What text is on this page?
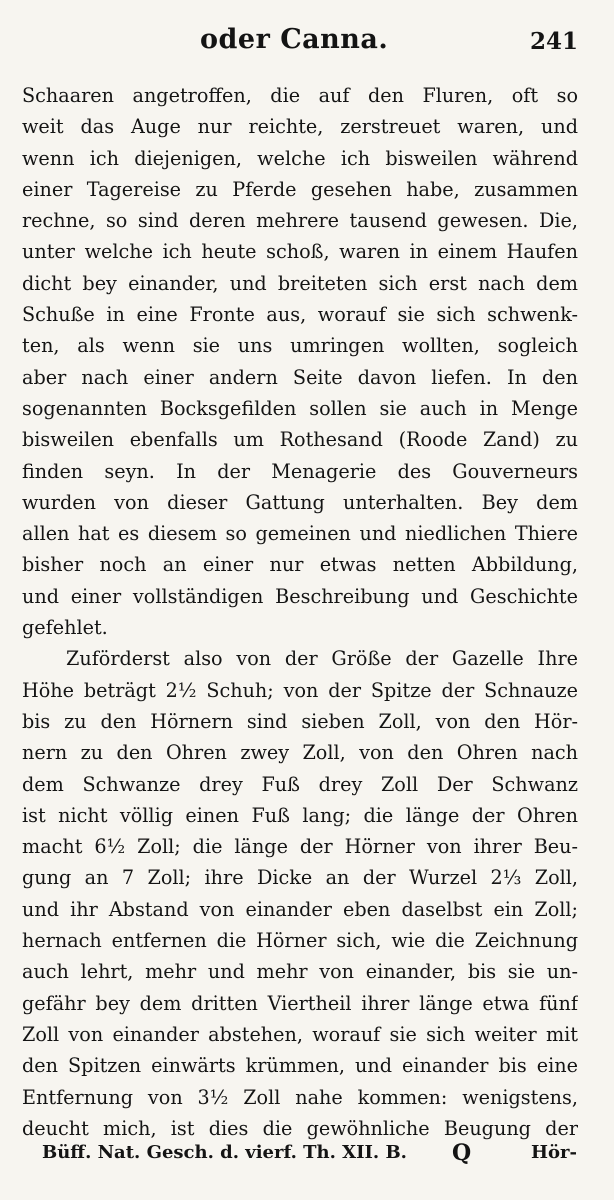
oder Canna.	241
Schaaren angetroffen, die auf den Fluren, oft so
weit das Auge nur reichte, zerstreuet waren, und
wenn ich diejenigen, welche ich bisweilen während
einer Tagereise zu Pferde gesehen habe, zusammen
rechne, so sind deren mehrere tausend gewesen. Die,
unter welche ich heute schoß, waren in einem Haufen
dicht bey einander, und breiteten sich erst nach dem
Schuße in eine Fronte aus, worauf sie sich schwenk-
ten, als wenn sie uns umringen wollten, sogleich
aber nach einer andern Seite davon liefen. In den
sogenannten Bocksgefilden sollen sie auch in Menge
bisweilen ebenfalls um Rothesand (Roode Zand) zu
finden seyn. In der Menagerie des Gouverneurs
wurden von dieser Gattung unterhalten. Bey dem
allen hat es diesem so gemeinen und niedlichen Thiere
bisher noch an einer nur etwas netten Abbildung,
und einer vollständigen Beschreibung und Geschichte
gefehlet.
Zuförderst also von der Größe der Gazelle Ihre
Höhe beträgt 2½ Schuh; von der Spitze der Schnauze
bis zu den Hörnern sind sieben Zoll, von den Hör-
nern zu den Ohren zwey Zoll, von den Ohren nach
dem Schwanze drey Fuß drey Zoll Der Schwanz
ist nicht völlig einen Fuß lang; die länge der Ohren
macht 6½ Zoll; die länge der Hörner von ihrer Beu-
gung an 7 Zoll; ihre Dicke an der Wurzel 2⅓ Zoll,
und ihr Abstand von einander eben daselbst ein Zoll;
hernach entfernen die Hörner sich, wie die Zeichnung
auch lehrt, mehr und mehr von einander, bis sie un-
gefähr bey dem dritten Viertheil ihrer länge etwa fünf
Zoll von einander abstehen, worauf sie sich weiter mit
den Spitzen einwärts krümmen, und einander bis eine
Entfernung von 3½ Zoll nahe kommen: wenigstens,
deucht mich, ist dies die gewöhnliche Beugung der
Büff. Nat. Gesch. d. vierf. Th. XII. B. Q	Hör-
